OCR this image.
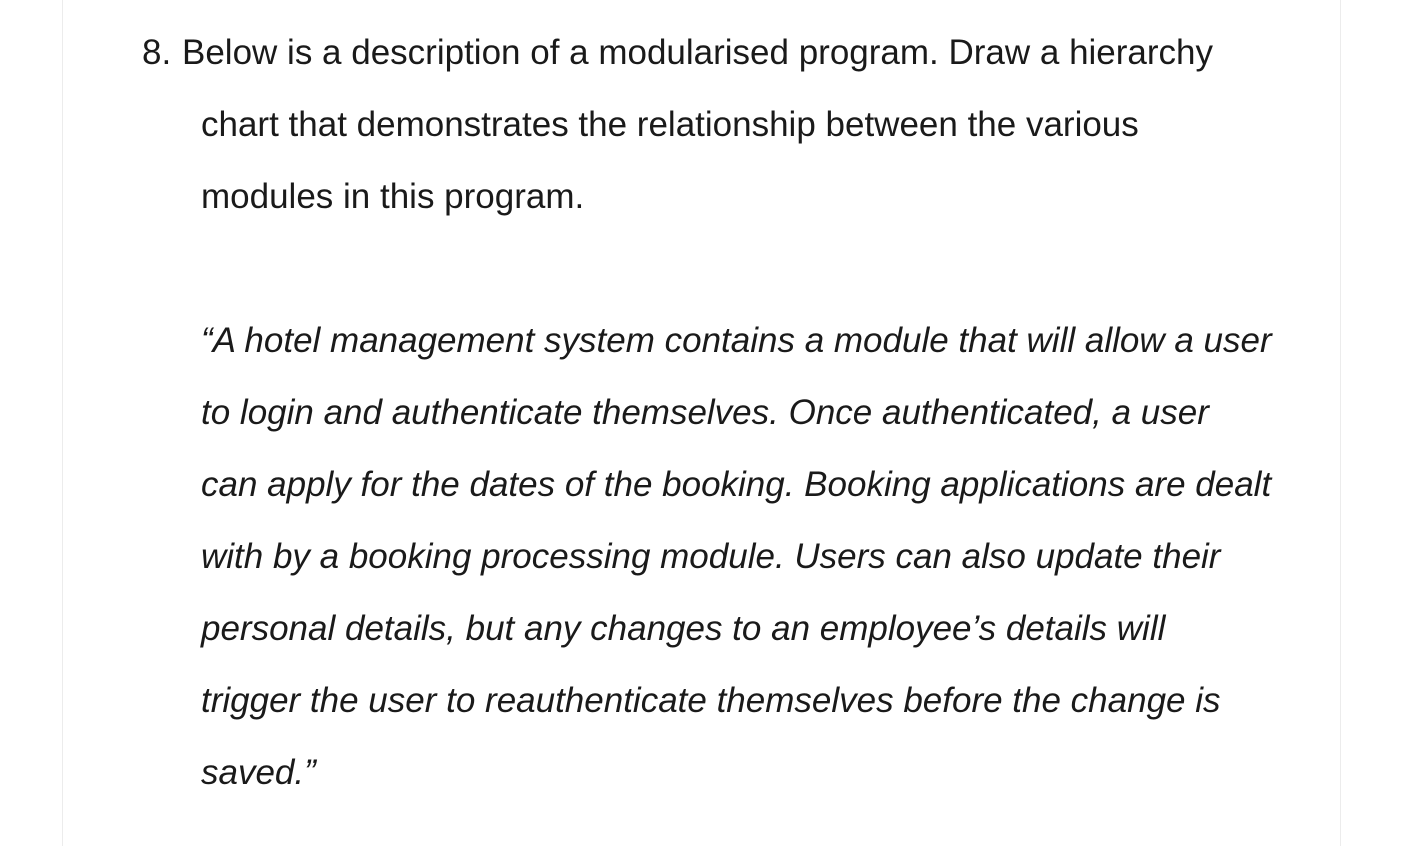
8. Below is a description of a modularised program. Draw a hierarchy
chart that demonstrates the relationship between the various
modules in this program.
“A hotel management system contains a module that will allow a user
to login and authenticate themselves. Once authenticated, a user
can apply for the dates of the booking. Booking applications are dealt
with by a booking processing module. Users can also update their
personal details, but any changes to an employee’s details will
trigger the user to reauthenticate themselves before the change is
saved.”
